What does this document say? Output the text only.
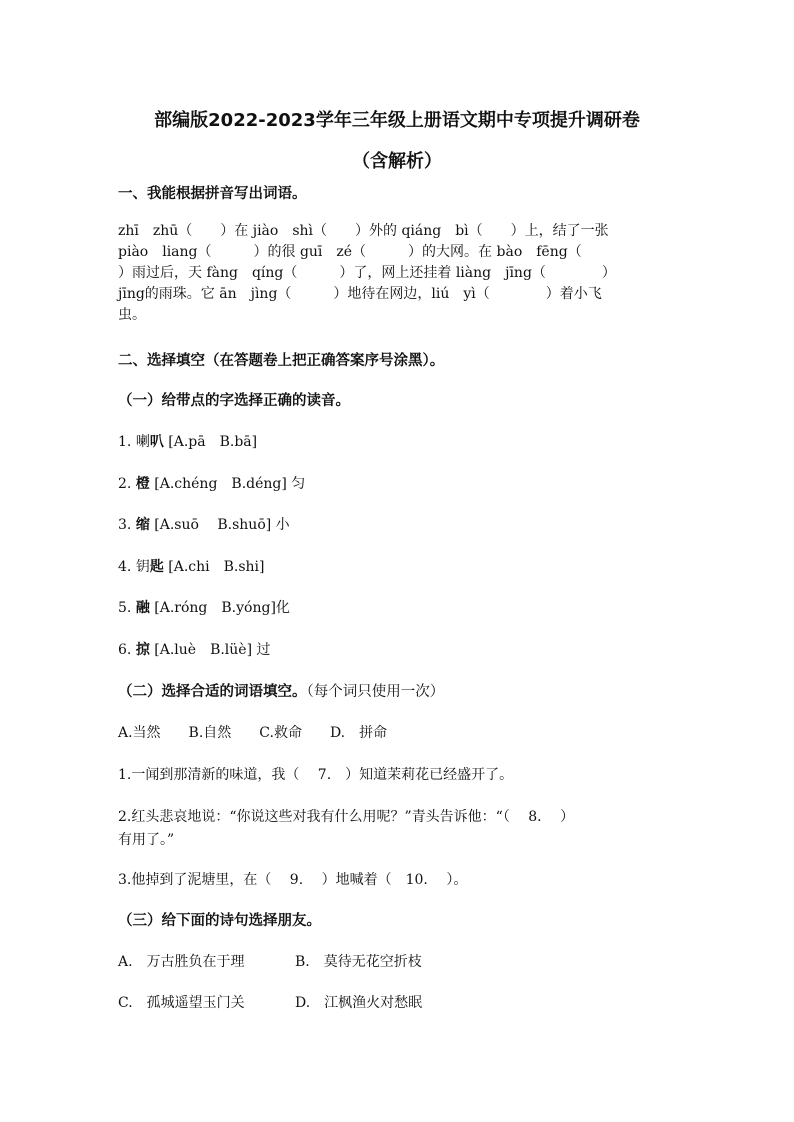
部编版2022-2023学年三年级上册语文期中专项提升调研卷
（含解析）
一、我能根据拼音写出词语。
zhī　zhū（　　）在 jiào　shì（　　）外的 qiáng　bì（　　）上，结了一张
piào　liang（　　　）的很 guī　zé（　　　）的大网。在 bào　fēng（
）雨过后，天 fàng　qíng（　　　）了，网上还挂着 liàng　jīng（　　　　）
jīng的雨珠。它 ān　jìng（　　　）地待在网边，liú　yì（　　　　）着小飞
虫。
二、选择填空（在答题卷上把正确答案序号涂黑）。
（一）给带点的字选择正确的读音。
1. 喇叭 [A.pā　B.bā]
2. 橙 [A.chéng　B.déng] 匀
3. 缩 [A.suō　 B.shuō] 小
4. 钥匙 [A.chi　B.shi]
5. 融 [A.róng　B.yóng]化
6. 掠 [A.luè　B.lüè] 过
（二）选择合适的词语填空。（每个词只使用一次）
A.当然　　B.自然　　C.救命　　D.　拼命
1.一闻到那清新的味道，我（　 7.　）知道茉莉花已经盛开了。
2.红头悲哀地说：“你说这些对我有什么用呢？”青头告诉他：“（　 8.　 ）
有用了。”
3.他掉到了泥塘里，在（　 9.　 ）地喊着（　10.　 ）。
（三）给下面的诗句选择朋友。
A.　万古胜负在于理	B.　莫待无花空折枝
C.　孤城遥望玉门关	D.　江枫渔火对愁眠
